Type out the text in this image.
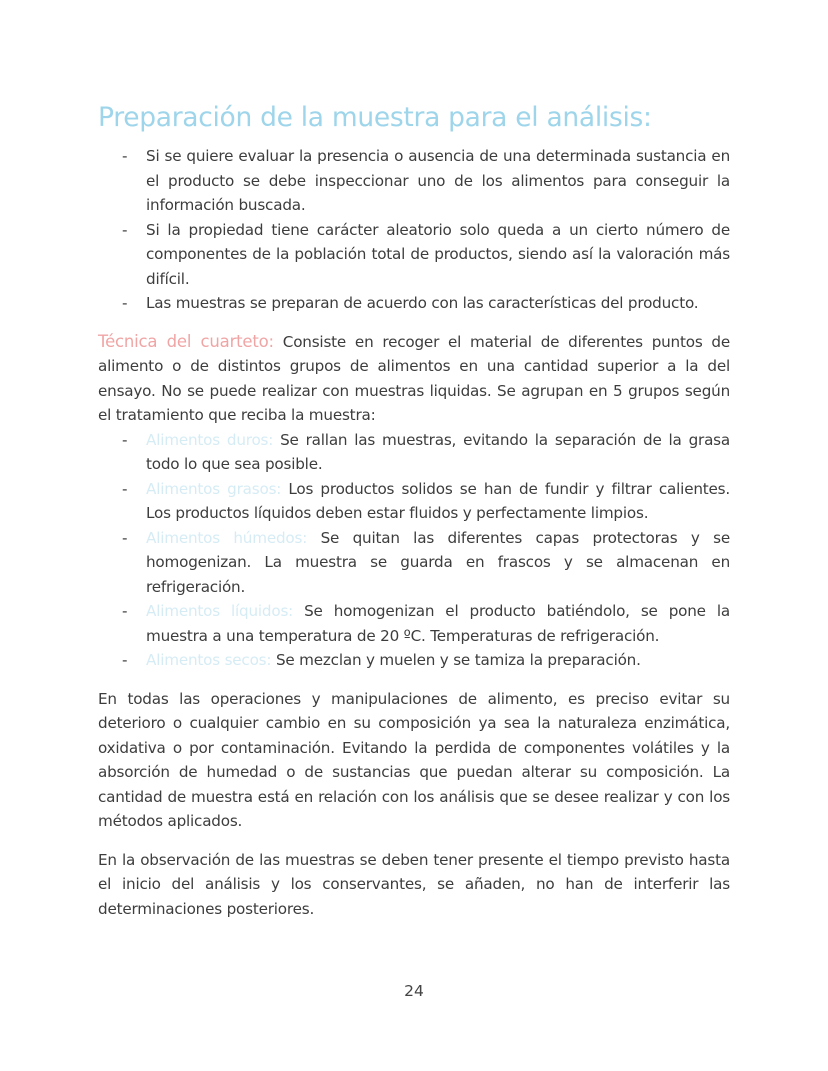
Preparación de la muestra para el análisis:
- Si se quiere evaluar la presencia o ausencia de una determinada sustancia en el producto se debe inspeccionar uno de los alimentos para conseguir la información buscada.
- Si la propiedad tiene carácter aleatorio solo queda a un cierto número de componentes de la población total de productos, siendo así la valoración más difícil.
- Las muestras se preparan de acuerdo con las características del producto.

Técnica del cuarteto: Consiste en recoger el material de diferentes puntos de alimento o de distintos grupos de alimentos en una cantidad superior a la del ensayo. No se puede realizar con muestras liquidas. Se agrupan en 5 grupos según el tratamiento que reciba la muestra:

- Alimentos duros: Se rallan las muestras, evitando la separación de la grasa todo lo que sea posible.
- Alimentos grasos: Los productos solidos se han de fundir y filtrar calientes. Los productos líquidos deben estar fluidos y perfectamente limpios.
- Alimentos húmedos: Se quitan las diferentes capas protectoras y se homogenizan. La muestra se guarda en frascos y se almacenan en refrigeración.
- Alimentos líquidos: Se homogenizan el producto batiéndolo, se pone la muestra a una temperatura de 20 ºC. Temperaturas de refrigeración.
- Alimentos secos: Se mezclan y muelen y se tamiza la preparación.

En todas las operaciones y manipulaciones de alimento, es preciso evitar su deterioro o cualquier cambio en su composición ya sea la naturaleza enzimática, oxidativa o por contaminación. Evitando la perdida de componentes volátiles y la absorción de humedad o de sustancias que puedan alterar su composición. La cantidad de muestra está en relación con los análisis que se desee realizar y con los métodos aplicados.

En la observación de las muestras se deben tener presente el tiempo previsto hasta el inicio del análisis y los conservantes, se añaden, no han de interferir las determinaciones posteriores.

24
